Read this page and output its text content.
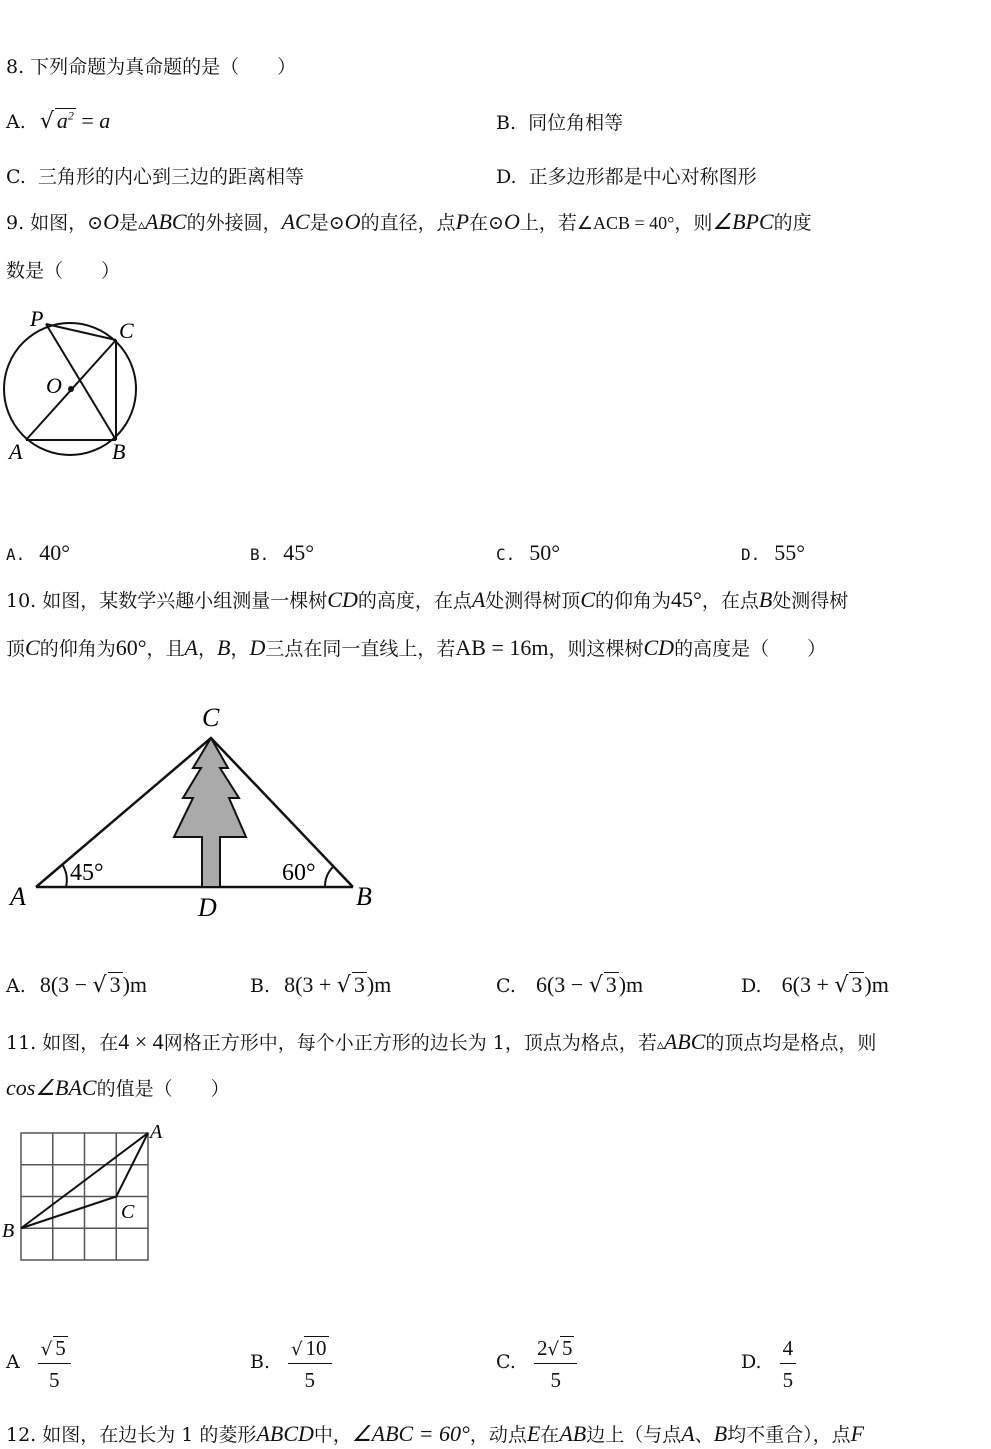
8. 下列命题为真命题的是（　　）
A. √ $a^2 = a$	B. 同位角相等
C. 三角形的内心到三边的距离相等	D. 正多边形都是中心对称图形
9. 如图，⊙O是▵ABC的外接圆，AC是⊙O的直径，点P在⊙O上，若∠ACB = 40°，则∠BPC的度
数是（　　）
P	C
O
A	B
A. 40°	B. 45°	C. 50°	D. 55°
10. 如图，某数学兴趣小组测量一棵树CD的高度，在点A处测得树顶C的仰角为45°，在点B处测得树
顶C的仰角为60°，且A，B，D三点在同一直线上，若AB = 16m，则这棵树CD的高度是（　　）
C
A	B
D
45°	60°
A. 8(3 − √ 3)m	B. 8(3 + √ 3)m	C. 6(3 − √ 3)m	D. 6(3 + √ 3)m
11. 如图，在4 × 4网格正方形中，每个小正方形的边长为 1，顶点为格点，若▵ABC的顶点均是格点，则
cos∠BAC的值是（　　）
A
B
C
A $\frac{√ 5}{5}$	B. $\frac{√ 10}{5}$	C. $\frac{2√ 5}{5}$	D. $\frac{4}{5}$
12. 如图，在边长为 1 的菱形ABCD中，∠ABC = 60°，动点E在AB边上（与点A、B均不重合），点F
